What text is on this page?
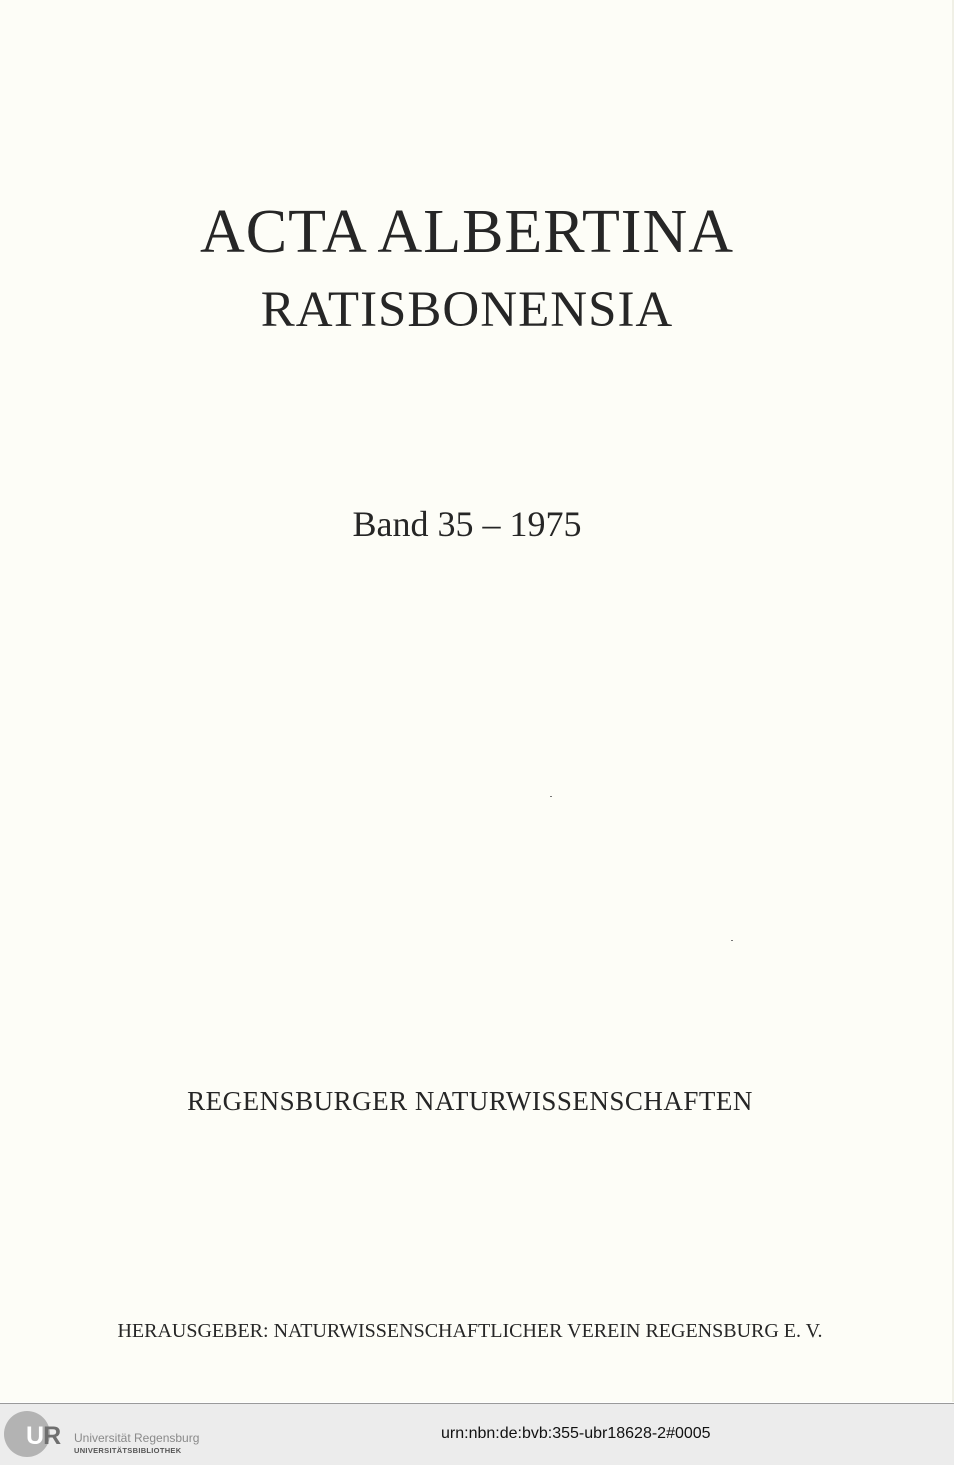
ACTA ALBERTINA
RATISBONENSIA
Band 35 – 1975
REGENSBURGER NATURWISSENSCHAFTEN
HERAUSGEBER: NATURWISSENSCHAFTLICHER VEREIN REGENSBURG E. V.
UR Universität Regensburg
UNIVERSITÄTSBIBLIOTHEK
urn:nbn:de:bvb:355-ubr18628-2#0005
